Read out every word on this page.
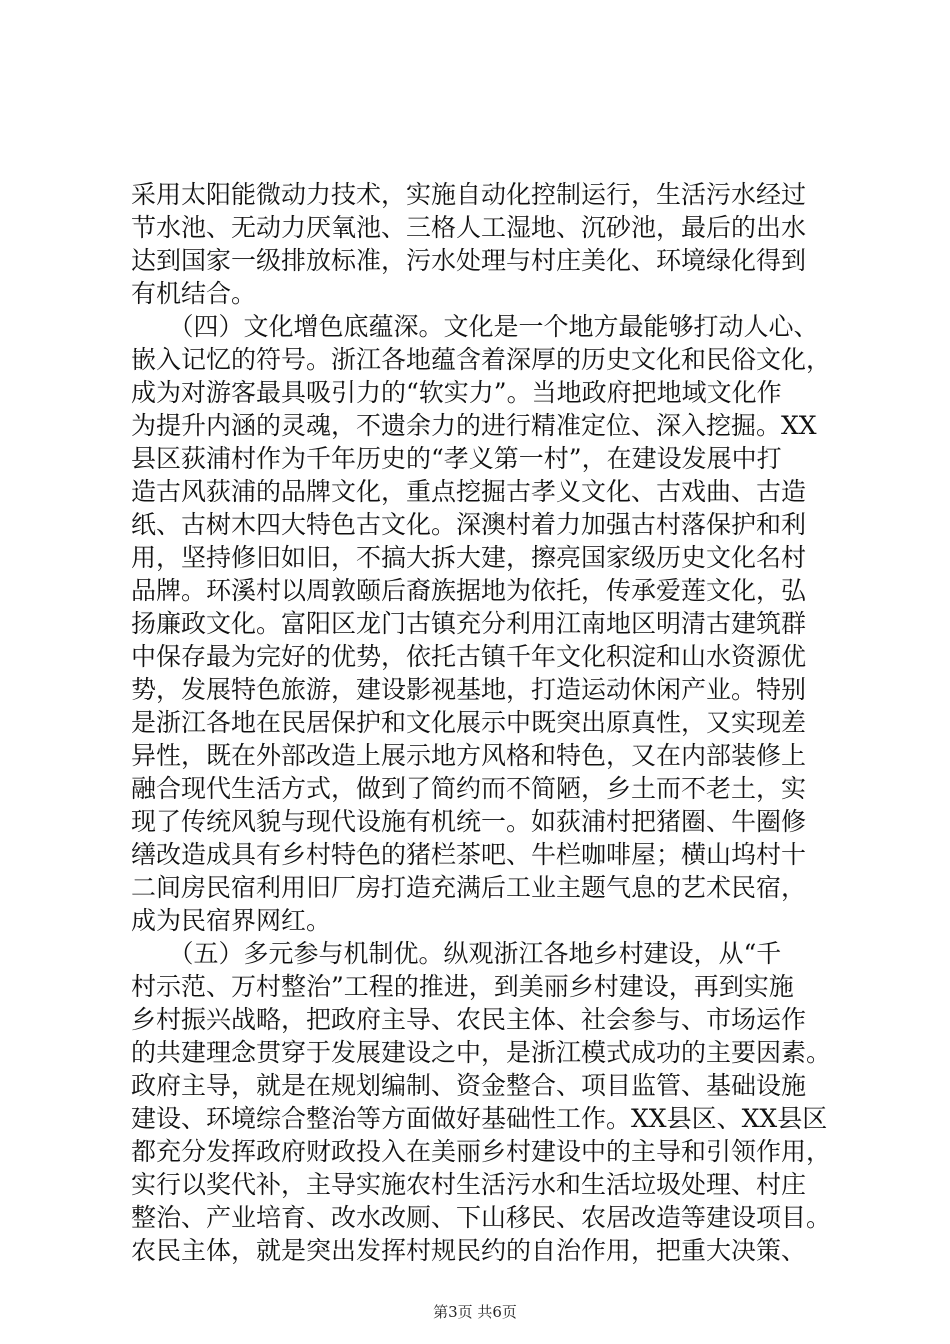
采用太阳能微动力技术，实施自动化控制运行，生活污水经过
节水池、无动力厌氧池、三格人工湿地、沉砂池，最后的出水
达到国家一级排放标准，污水处理与村庄美化、环境绿化得到
有机结合。
　　（四）文化增色底蕴深。文化是一个地方最能够打动人心、
嵌入记忆的符号。浙江各地蕴含着深厚的历史文化和民俗文化，
成为对游客最具吸引力的“软实力”。当地政府把地域文化作
为提升内涵的灵魂，不遗余力的进行精准定位、深入挖掘。XX
县区荻浦村作为千年历史的“孝义第一村”，在建设发展中打
造古风荻浦的品牌文化，重点挖掘古孝义文化、古戏曲、古造
纸、古树木四大特色古文化。深澳村着力加强古村落保护和利
用，坚持修旧如旧，不搞大拆大建，擦亮国家级历史文化名村
品牌。环溪村以周敦颐后裔族据地为依托，传承爱莲文化，弘
扬廉政文化。富阳区龙门古镇充分利用江南地区明清古建筑群
中保存最为完好的优势，依托古镇千年文化积淀和山水资源优
势，发展特色旅游，建设影视基地，打造运动休闲产业。特别
是浙江各地在民居保护和文化展示中既突出原真性，又实现差
异性，既在外部改造上展示地方风格和特色，又在内部装修上
融合现代生活方式，做到了简约而不简陋，乡土而不老土，实
现了传统风貌与现代设施有机统一。如荻浦村把猪圈、牛圈修
缮改造成具有乡村特色的猪栏茶吧、牛栏咖啡屋；横山坞村十
二间房民宿利用旧厂房打造充满后工业主题气息的艺术民宿，
成为民宿界网红。
　　（五）多元参与机制优。纵观浙江各地乡村建设，从“千
村示范、万村整治”工程的推进，到美丽乡村建设，再到实施
乡村振兴战略，把政府主导、农民主体、社会参与、市场运作
的共建理念贯穿于发展建设之中，是浙江模式成功的主要因素。
政府主导，就是在规划编制、资金整合、项目监管、基础设施
建设、环境综合整治等方面做好基础性工作。XX县区、XX县区
都充分发挥政府财政投入在美丽乡村建设中的主导和引领作用，
实行以奖代补，主导实施农村生活污水和生活垃圾处理、村庄
整治、产业培育、改水改厕、下山移民、农居改造等建设项目。
农民主体，就是突出发挥村规民约的自治作用，把重大决策、
第3页 共6页
